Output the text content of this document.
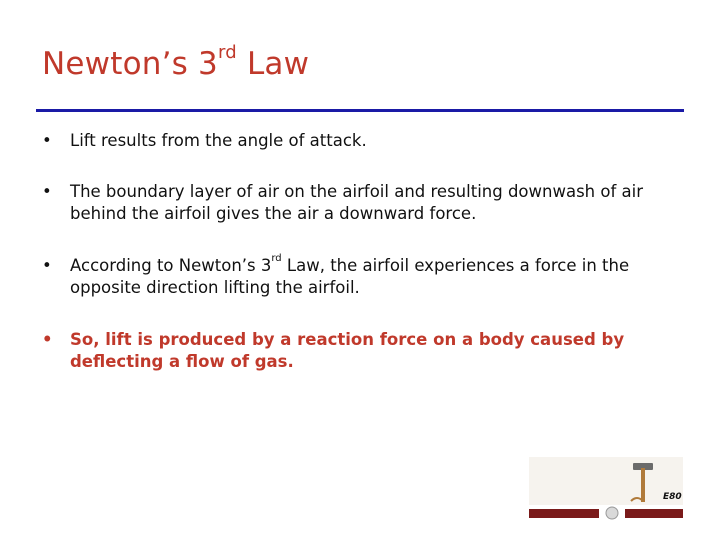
Newton’s 3rd Law
• Lift results from the angle of attack.
• The boundary layer of air on the airfoil and resulting downwash of air behind the airfoil gives the air a downward force.
• According to Newton’s 3rd Law, the airfoil experiences a force in the opposite direction lifting the airfoil.
• So, lift is produced by a reaction force on a body caused by deflecting a flow of gas.
E80
